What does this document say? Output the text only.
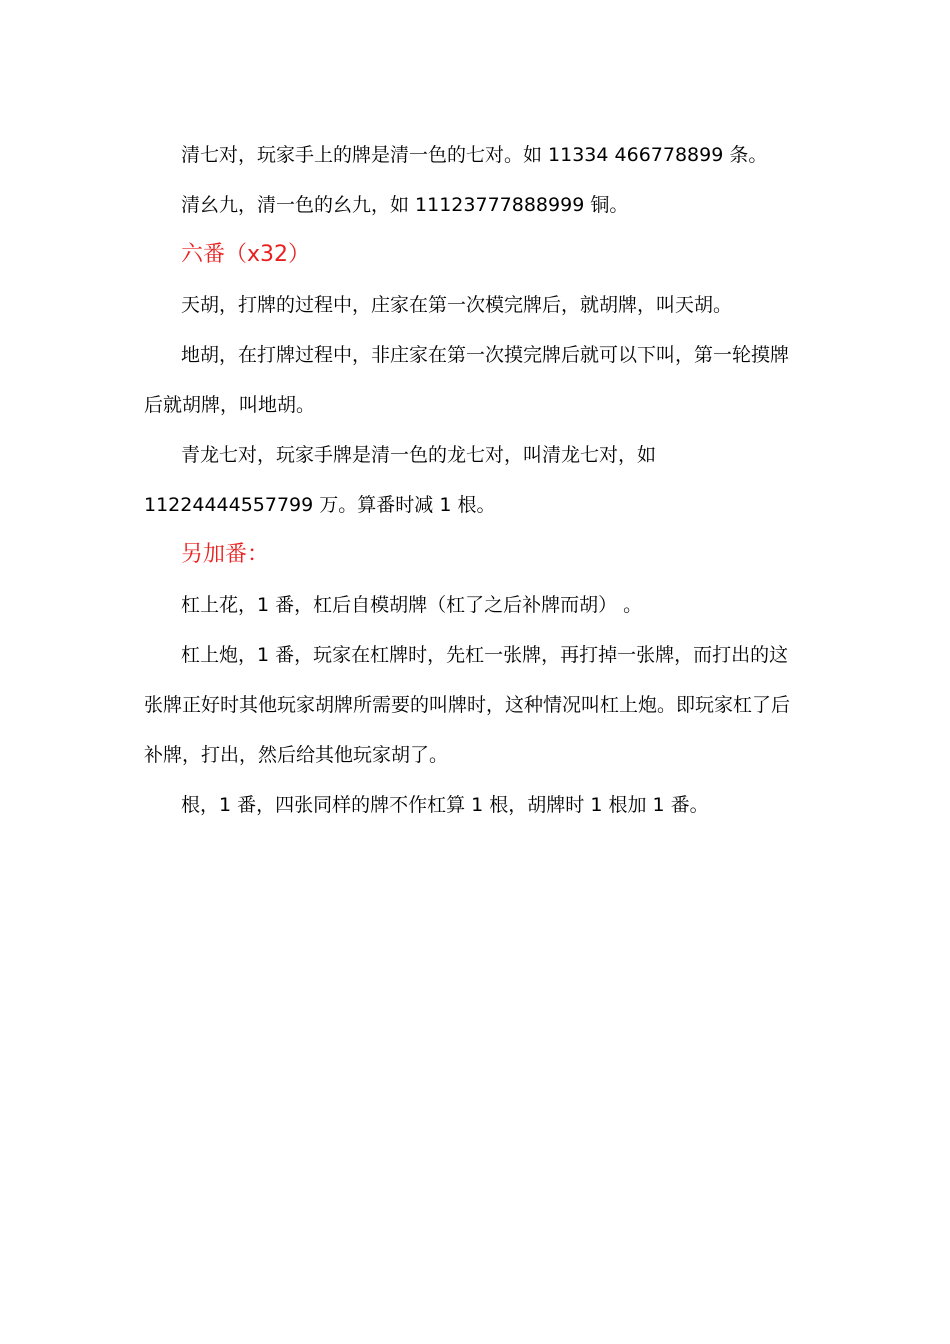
清七对，玩家手上的牌是清一色的七对。如 11334 466778899 条。
清幺九，清一色的幺九，如 11123777888999 铜。
六番（x32）
天胡，打牌的过程中，庄家在第一次模完牌后，就胡牌，叫天胡。
地胡，在打牌过程中，非庄家在第一次摸完牌后就可以下叫，第一轮摸牌
后就胡牌，叫地胡。
青龙七对，玩家手牌是清一色的龙七对，叫清龙七对，如
11224444557799 万。算番时减 1 根。
另加番：
杠上花，1 番，杠后自模胡牌（杠了之后补牌而胡） 。
杠上炮，1 番，玩家在杠牌时，先杠一张牌，再打掉一张牌，而打出的这
张牌正好时其他玩家胡牌所需要的叫牌时，这种情况叫杠上炮。即玩家杠了后
补牌，打出，然后给其他玩家胡了。
根，1 番，四张同样的牌不作杠算 1 根，胡牌时 1 根加 1 番。
